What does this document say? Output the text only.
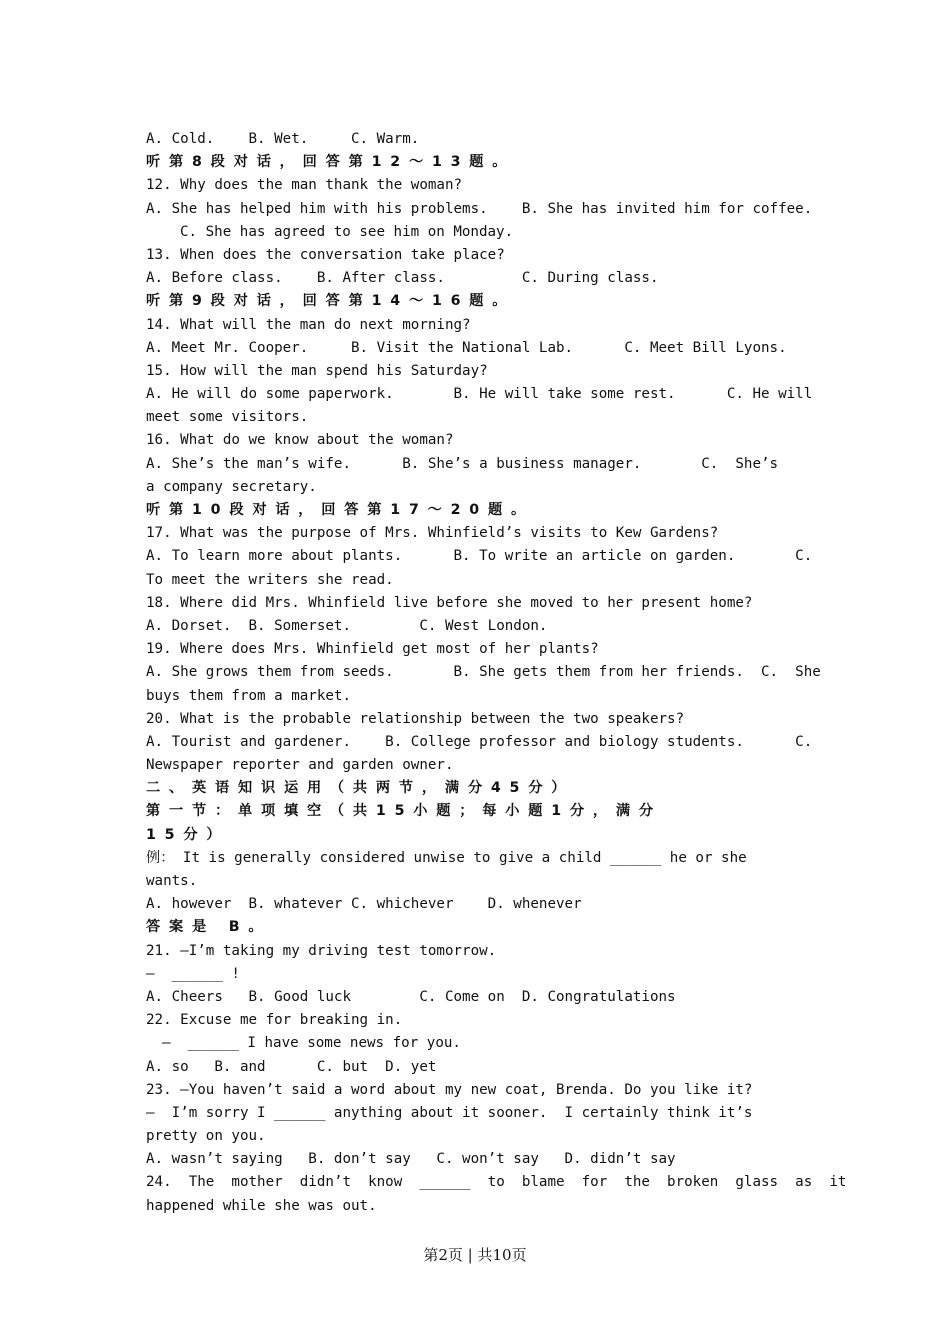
A. Cold.    B. Wet.     C. Warm.
听第8段对话，回答第12～13题。
12. Why does the man thank the woman?
A. She has helped him with his problems.    B. She has invited him for coffee.
C. She has agreed to see him on Monday.
13. When does the conversation take place?
A. Before class.    B. After class.         C. During class.
听第9段对话，回答第14～16题。
14. What will the man do next morning?
A. Meet Mr. Cooper.     B. Visit the National Lab.      C. Meet Bill Lyons.
15. How will the man spend his Saturday?
A. He will do some paperwork.       B. He will take some rest.      C. He will
meet some visitors.
16. What do we know about the woman?
A. She’s the man’s wife.      B. She’s a business manager.       C.  She’s
a company secretary.
听第10段对话，回答第17～20题。
17. What was the purpose of Mrs. Whinfield’s visits to Kew Gardens?
A. To learn more about plants.      B. To write an article on garden.       C.
To meet the writers she read.
18. Where did Mrs. Whinfield live before she moved to her present home?
A. Dorset.  B. Somerset.        C. West London.
19. Where does Mrs. Whinfield get most of her plants?
A. She grows them from seeds.       B. She gets them from her friends.  C.  She
buys them from a market.
20. What is the probable relationship between the two speakers?
A. Tourist and gardener.    B. College professor and biology students.      C.
Newspaper reporter and garden owner.
二、英语知识运用（共两节，满分45分）
第一节：单项填空（共15小题；每小题1分，满分
15分）
例： It is generally considered unwise to give a child ______ he or she
wants.
A. however  B. whatever C. whichever    D. whenever
答案是 B。
21. —I’m taking my driving test tomorrow.
—  ______ !
A. Cheers   B. Good luck        C. Come on  D. Congratulations
22. Excuse me for breaking in.
—  ______ I have some news for you.
A. so   B. and      C. but  D. yet
23. —You haven’t said a word about my new coat, Brenda. Do you like it?
—  I’m sorry I ______ anything about it sooner.  I certainly think it’s
pretty on you.
A. wasn’t saying   B. don’t say   C. won’t say   D. didn’t say
24.  The  mother  didn’t  know  ______  to  blame  for  the  broken  glass  as  it
happened while she was out.
第2页 | 共10页
